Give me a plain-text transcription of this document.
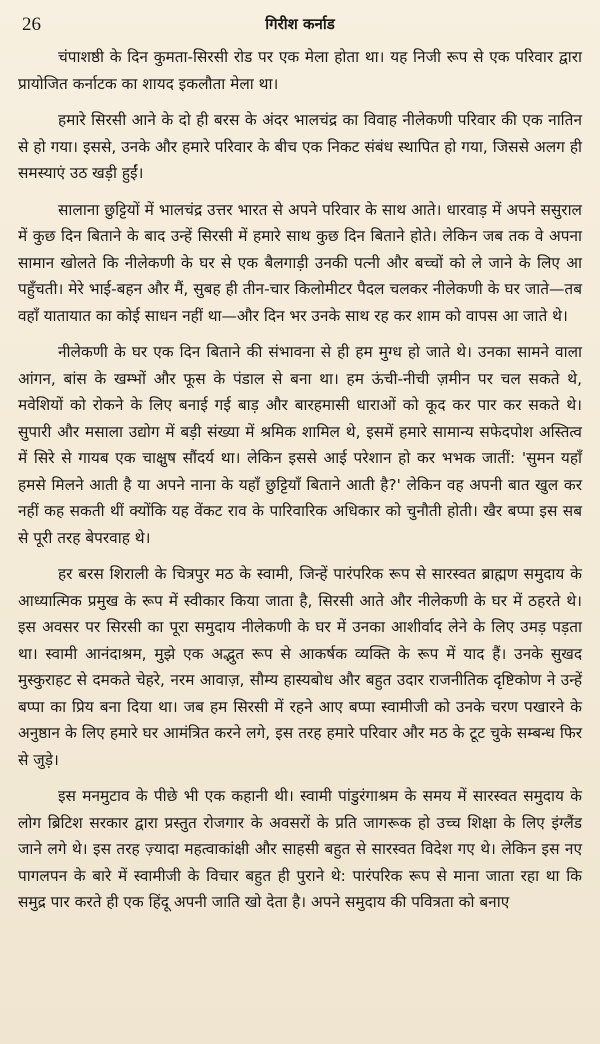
26	गिरीश कर्नाड

चंपाशष्ठी के दिन कुमता-सिरसी रोड पर एक मेला होता था। यह निजी रूप से एक परिवार द्वारा प्रायोजित कर्नाटक का शायद इकलौता मेला था।

हमारे सिरसी आने के दो ही बरस के अंदर भालचंद्र का विवाह नीलेकणी परिवार की एक नातिन से हो गया। इससे, उनके और हमारे परिवार के बीच एक निकट संबंध स्थापित हो गया, जिससे अलग ही समस्याएं उठ खड़ी हुईं।

सालाना छुट्टियों में भालचंद्र उत्तर भारत से अपने परिवार के साथ आते। धारवाड़ में अपने ससुराल में कुछ दिन बिताने के बाद उन्हें सिरसी में हमारे साथ कुछ दिन बिताने होते। लेकिन जब तक वे अपना सामान खोलते कि नीलेकणी के घर से एक बैलगाड़ी उनकी पत्नी और बच्चों को ले जाने के लिए आ पहुँचती। मेरे भाई-बहन और मैं, सुबह ही तीन-चार किलोमीटर पैदल चलकर नीलेकणी के घर जाते—तब वहाँ यातायात का कोई साधन नहीं था—और दिन भर उनके साथ रह कर शाम को वापस आ जाते थे।

नीलेकणी के घर एक दिन बिताने की संभावना से ही हम मुग्ध हो जाते थे। उनका सामने वाला आंगन, बांस के खम्भों और फूस के पंडाल से बना था। हम ऊंची-नीची ज़मीन पर चल सकते थे, मवेशियों को रोकने के लिए बनाई गई बाड़ और बारहमासी धाराओं को कूद कर पार कर सकते थे। सुपारी और मसाला उद्योग में बड़ी संख्या में श्रमिक शामिल थे, इसमें हमारे सामान्य सफेदपोश अस्तित्व में सिरे से गायब एक चाक्षुष सौंदर्य था। लेकिन इससे आई परेशान हो कर भभक जातीं: 'सुमन यहाँ हमसे मिलने आती है या अपने नाना के यहाँ छुट्टियाँ बिताने आती है?' लेकिन वह अपनी बात खुल कर नहीं कह सकती थीं क्योंकि यह वेंकट राव के पारिवारिक अधिकार को चुनौती होती। खैर बप्पा इस सब से पूरी तरह बेपरवाह थे।

हर बरस शिराली के चित्रपुर मठ के स्वामी, जिन्हें पारंपरिक रूप से सारस्वत ब्राह्मण समुदाय के आध्यात्मिक प्रमुख के रूप में स्वीकार किया जाता है, सिरसी आते और नीलेकणी के घर में ठहरते थे। इस अवसर पर सिरसी का पूरा समुदाय नीलेकणी के घर में उनका आशीर्वाद लेने के लिए उमड़ पड़ता था। स्वामी आनंदाश्रम, मुझे एक अद्भुत रूप से आकर्षक व्यक्ति के रूप में याद हैं। उनके सुखद मुस्कुराहट से दमकते चेहरे, नरम आवाज़, सौम्य हास्यबोध और बहुत उदार राजनीतिक दृष्टिकोण ने उन्हें बप्पा का प्रिय बना दिया था। जब हम सिरसी में रहने आए बप्पा स्वामीजी को उनके चरण पखारने के अनुष्ठान के लिए हमारे घर आमंत्रित करने लगे, इस तरह हमारे परिवार और मठ के टूट चुके सम्बन्ध फिर से जुड़े।

इस मनमुटाव के पीछे भी एक कहानी थी। स्वामी पांडुरंगाश्रम के समय में सारस्वत समुदाय के लोग ब्रिटिश सरकार द्वारा प्रस्तुत रोजगार के अवसरों के प्रति जागरूक हो उच्च शिक्षा के लिए इंग्लैंड जाने लगे थे। इस तरह ज़्यादा महत्वाकांक्षी और साहसी बहुत से सारस्वत विदेश गए थे। लेकिन इस नए पागलपन के बारे में स्वामीजी के विचार बहुत ही पुराने थे: पारंपरिक रूप से माना जाता रहा था कि समुद्र पार करते ही एक हिंदू अपनी जाति खो देता है। अपने समुदाय की पवित्रता को बनाए
